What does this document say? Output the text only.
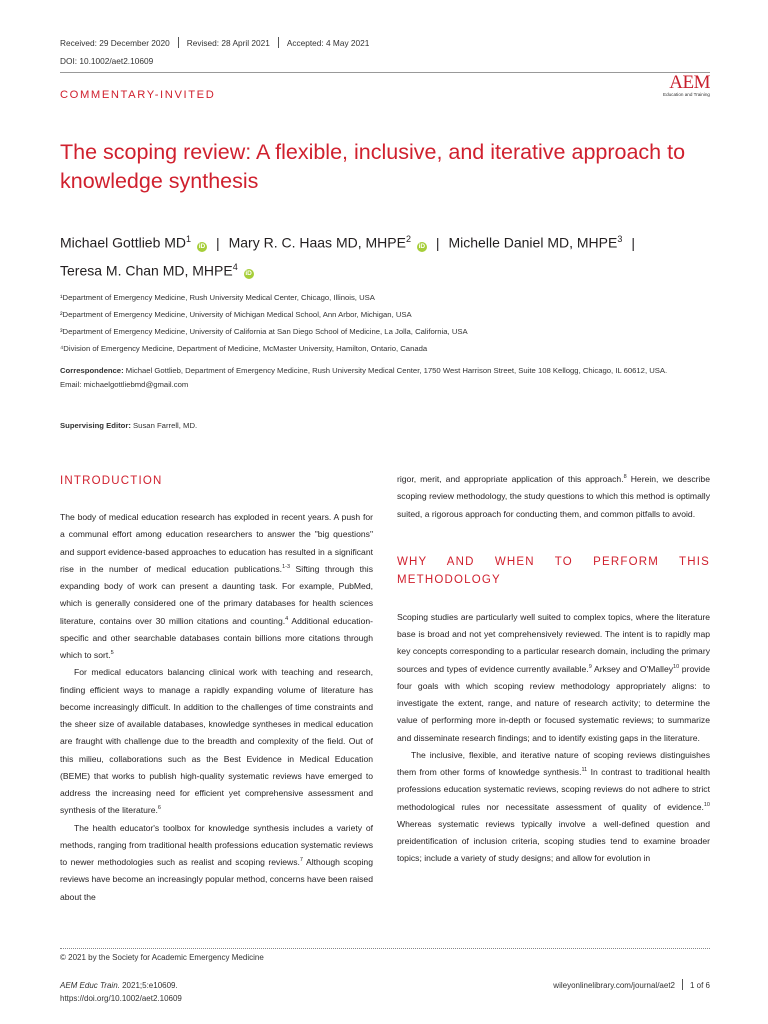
Received: 29 December 2020 Revised: 28 April 2021 Accepted: 4 May 2021
DOI: 10.1002/aet2.10609
COMMENTARY-INVITED
AEM
Education and Training
The scoping review: A flexible, inclusive, and iterative approach to knowledge synthesis
Michael Gottlieb $MD^1$ iD | Mary R. C. Haas MD, MHPE$^2$ iD | Michelle Daniel MD, MHPE$^3$ |
Teresa M. Chan MD, MHPE$^4$ iD
¹Department of Emergency Medicine, Rush University Medical Center, Chicago, Illinois, USA
²Department of Emergency Medicine, University of Michigan Medical School, Ann Arbor, Michigan, USA
³Department of Emergency Medicine, University of California at San Diego School of Medicine, La Jolla, California, USA
⁴Division of Emergency Medicine, Department of Medicine, McMaster University, Hamilton, Ontario, Canada
Correspondence: Michael Gottlieb, Department of Emergency Medicine, Rush University Medical Center, 1750 West Harrison Street, Suite 108 Kellogg, Chicago, IL 60612, USA.
Email: michaelgottliebmd@gmail.com
Supervising Editor: Susan Farrell, MD.
INTRODUCTION

The body of medical education research has exploded in recent years. A push for a communal effort among education researchers to answer the "big questions" and support evidence-based approaches to education has resulted in a significant rise in the number of medical education publications.$^{1-3}$ Sifting through this expanding body of work can present a daunting task. For example, PubMed, which is generally considered one of the primary databases for health sciences literature, contains over 30 million citations and counting.$^4$ Additional education-specific and other searchable databases contain billions more citations through which to sort.$^5$

For medical educators balancing clinical work with teaching and research, finding efficient ways to manage a rapidly expanding volume of literature has become increasingly difficult. In addition to the challenges of time constraints and the sheer size of available databases, knowledge syntheses in medical education are fraught with challenge due to the breadth and complexity of the field. Out of this milieu, collaborations such as the Best Evidence in Medical Education (BEME) that works to publish high-quality systematic reviews have emerged to address the increasing need for efficient yet comprehensive assessment and synthesis of the literature.$^6$

The health educator's toolbox for knowledge synthesis includes a variety of methods, ranging from traditional health professions education systematic reviews to newer methodologies such as realist and scoping reviews.$^7$ Although scoping reviews have become an increasingly popular method, concerns have been raised about the

rigor, merit, and appropriate application of this approach.$^8$ Herein, we describe scoping review methodology, the study questions to which this method is optimally suited, a rigorous approach for conducting them, and common pitfalls to avoid.

WHY AND WHEN TO PERFORM THIS METHODOLOGY

Scoping studies are particularly well suited to complex topics, where the literature base is broad and not yet comprehensively reviewed. The intent is to rapidly map key concepts corresponding to a particular research domain, including the primary sources and types of evidence currently available.$^9$ Arksey and O'Malley$^{10}$ provide four goals with which scoping review methodology appropriately aligns: to investigate the extent, range, and nature of research activity; to determine the value of performing more in-depth or focused systematic reviews; to summarize and disseminate research findings; and to identify existing gaps in the literature.

The inclusive, flexible, and iterative nature of scoping reviews distinguishes them from other forms of knowledge synthesis.$^{11}$ In contrast to traditional health professions education systematic reviews, scoping reviews do not adhere to strict methodological rules nor necessitate assessment of quality of evidence.$^{10}$ Whereas systematic reviews typically involve a well-defined question and preidentification of inclusion criteria, scoping studies tend to examine broader topics; include a variety of study designs; and allow for evolution in

© 2021 by the Society for Academic Emergency Medicine
AEM Educ Train. 2021;5:e10609.
https://doi.org/10.1002/aet2.10609
wileyonlinelibrary.com/journal/aet2 1 of 6
